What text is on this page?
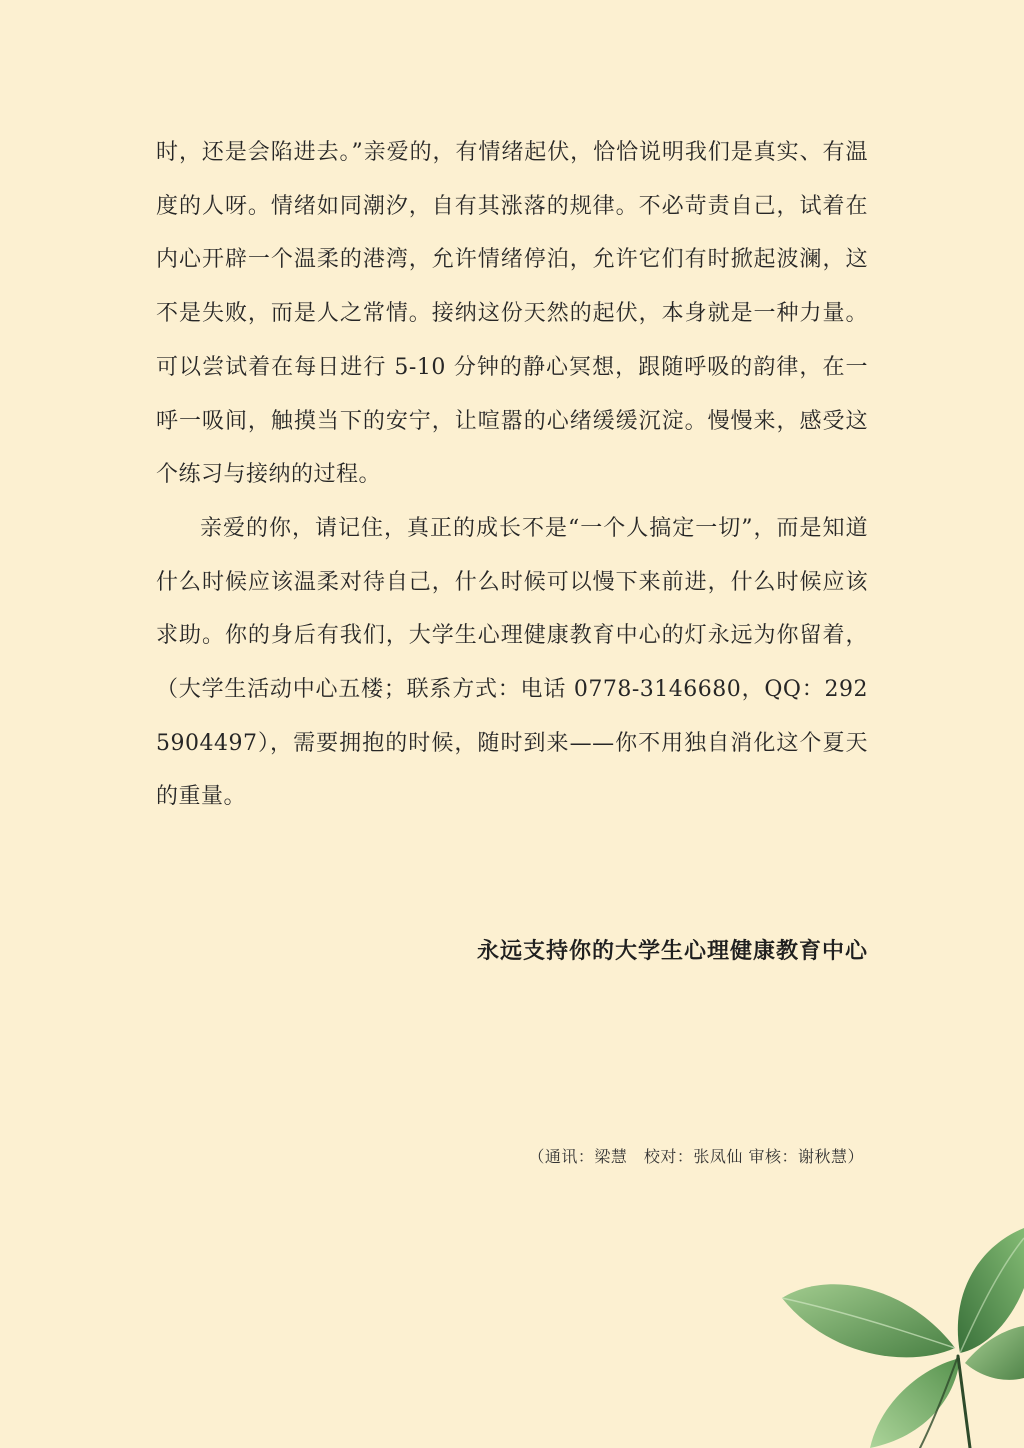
时，还是会陷进去。”亲爱的，有情绪起伏，恰恰说明我们是真实、有温度的人呀。情绪如同潮汐，自有其涨落的规律。不必苛责自己，试着在内心开辟一个温柔的港湾，允许情绪停泊，允许它们有时掀起波澜，这不是失败，而是人之常情。接纳这份天然的起伏，本身就是一种力量。可以尝试着在每日进行 5-10 分钟的静心冥想，跟随呼吸的韵律，在一呼一吸间，触摸当下的安宁，让喧嚣的心绪缓缓沉淀。慢慢来，感受这个练习与接纳的过程。

亲爱的你，请记住，真正的成长不是“一个人搞定一切”，而是知道什么时候应该温柔对待自己，什么时候可以慢下来前进，什么时候应该求助。你的身后有我们，大学生心理健康教育中心的灯永远为你留着，（大学生活动中心五楼；联系方式：电话 0778-3146680，QQ：2925904497），需要拥抱的时候，随时到来——你不用独自消化这个夏天的重量。

永远支持你的大学生心理健康教育中心
（通讯：梁慧　校对：张凤仙 审核：谢秋慧）
